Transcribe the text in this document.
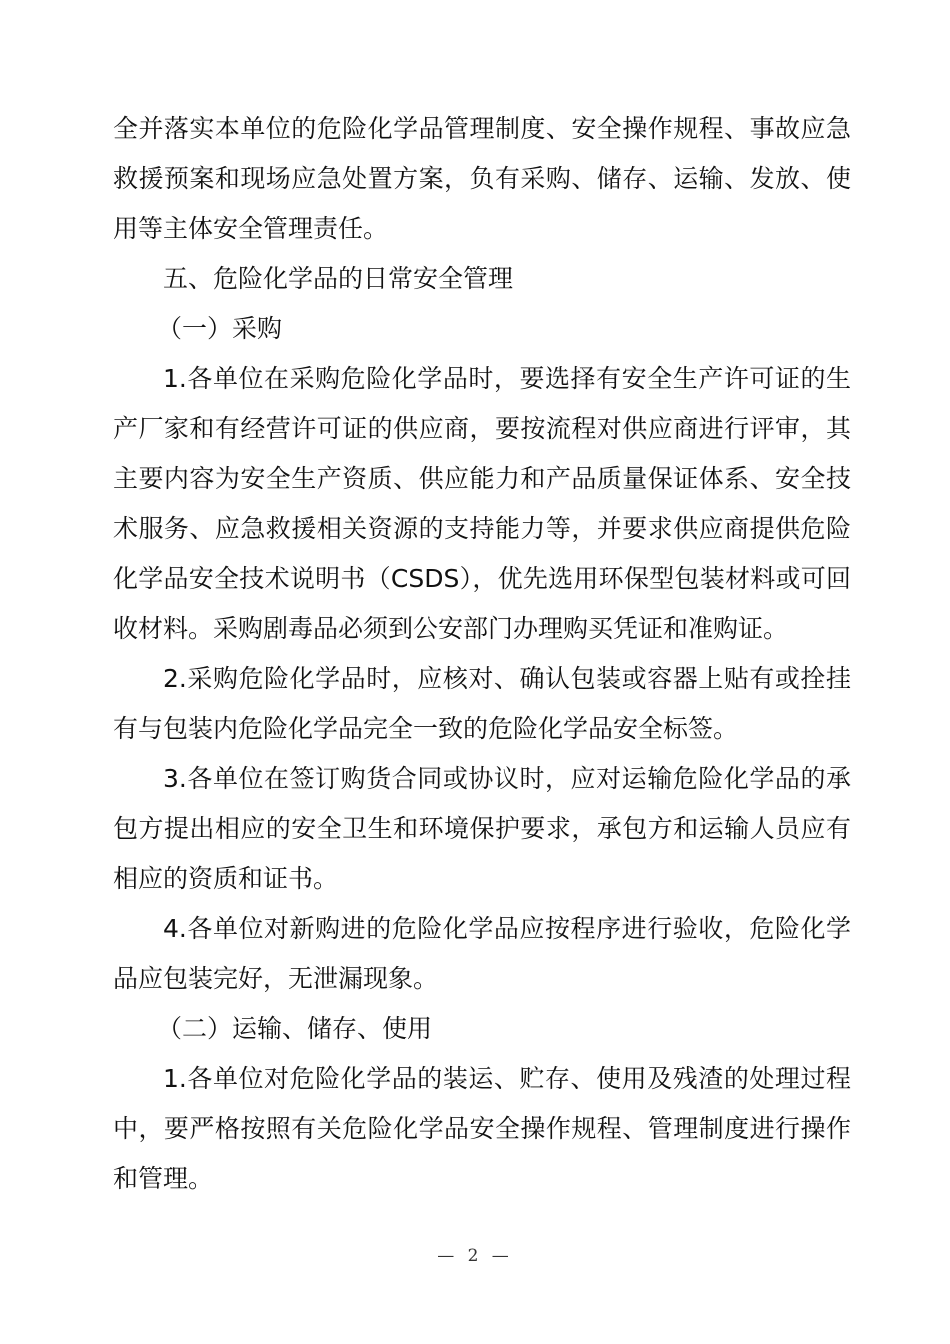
全并落实本单位的危险化学品管理制度、安全操作规程、事故应急
救援预案和现场应急处置方案，负有采购、储存、运输、发放、使
用等主体安全管理责任。
五、危险化学品的日常安全管理
（一）采购
1.各单位在采购危险化学品时，要选择有安全生产许可证的生
产厂家和有经营许可证的供应商，要按流程对供应商进行评审，其
主要内容为安全生产资质、供应能力和产品质量保证体系、安全技
术服务、应急救援相关资源的支持能力等，并要求供应商提供危险
化学品安全技术说明书（CSDS），优先选用环保型包装材料或可回
收材料。采购剧毒品必须到公安部门办理购买凭证和准购证。
2.采购危险化学品时，应核对、确认包装或容器上贴有或拴挂
有与包装内危险化学品完全一致的危险化学品安全标签。
3.各单位在签订购货合同或协议时，应对运输危险化学品的承
包方提出相应的安全卫生和环境保护要求，承包方和运输人员应有
相应的资质和证书。
4.各单位对新购进的危险化学品应按程序进行验收，危险化学
品应包装完好，无泄漏现象。
（二）运输、储存、使用
1.各单位对危险化学品的装运、贮存、使用及残渣的处理过程
中，要严格按照有关危险化学品安全操作规程、管理制度进行操作
和管理。
— 2 —
